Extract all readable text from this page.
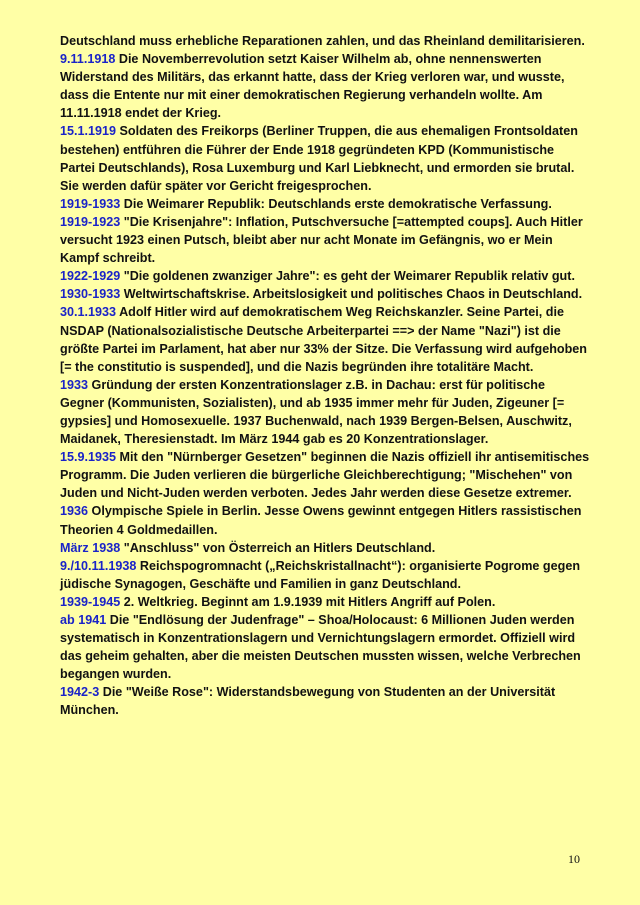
Deutschland muss erhebliche Reparationen zahlen, und das Rheinland demilitarisieren.

9.11.1918 Die Novemberrevolution setzt Kaiser Wilhelm ab, ohne nennenswerten Widerstand des Militärs, das erkannt hatte, dass der Krieg verloren war, und wusste, dass die Entente nur mit einer demokratischen Regierung verhandeln wollte. Am 11.11.1918 endet der Krieg.

15.1.1919 Soldaten des Freikorps (Berliner Truppen, die aus ehemaligen Frontsoldaten bestehen) entführen die Führer der Ende 1918 gegründeten KPD (Kommunistische Partei Deutschlands), Rosa Luxemburg und Karl Liebknecht, und ermorden sie brutal. Sie werden dafür später vor Gericht freigesprochen.

1919-1933 Die Weimarer Republik: Deutschlands erste demokratische Verfassung.

1919-1923 "Die Krisenjahre": Inflation, Putschversuche [=attempted coups]. Auch Hitler versucht 1923 einen Putsch, bleibt aber nur acht Monate im Gefängnis, wo er Mein Kampf schreibt.

1922-1929 "Die goldenen zwanziger Jahre": es geht der Weimarer Republik relativ gut.

1930-1933 Weltwirtschaftskrise. Arbeitslosigkeit und politisches Chaos in Deutschland.

30.1.1933 Adolf Hitler wird auf demokratischem Weg Reichskanzler. Seine Partei, die NSDAP (Nationalsozialistische Deutsche Arbeiterpartei ==> der Name "Nazi") ist die größte Partei im Parlament, hat aber nur 33% der Sitze. Die Verfassung wird aufgehoben [= the constitutio is suspended], und die Nazis begründen ihre totalitäre Macht.

1933 Gründung der ersten Konzentrationslager z.B. in Dachau: erst für politische Gegner (Kommunisten, Sozialisten), und ab 1935 immer mehr für Juden, Zigeuner [= gypsies] und Homosexuelle. 1937 Buchenwald, nach 1939 Bergen-Belsen, Auschwitz, Maidanek, Theresienstadt. Im März 1944 gab es 20 Konzentrationslager.

15.9.1935 Mit den "Nürnberger Gesetzen" beginnen die Nazis offiziell ihr antisemitisches Programm. Die Juden verlieren die bürgerliche Gleichberechtigung; "Mischehen" von Juden und Nicht-Juden werden verboten. Jedes Jahr werden diese Gesetze extremer.

1936 Olympische Spiele in Berlin. Jesse Owens gewinnt entgegen Hitlers rassistischen Theorien 4 Goldmedaillen.

März 1938 "Anschluss" von Österreich an Hitlers Deutschland.

9./10.11.1938 Reichspogromnacht („Reichskristallnacht“): organisierte Pogrome gegen jüdische Synagogen, Geschäfte und Familien in ganz Deutschland.

1939-1945 2. Weltkrieg. Beginnt am 1.9.1939 mit Hitlers Angriff auf Polen.

ab 1941 Die "Endlösung der Judenfrage" – Shoa/Holocaust: 6 Millionen Juden werden systematisch in Konzentrationslagern und Vernichtungslagern ermordet. Offiziell wird das geheim gehalten, aber die meisten Deutschen mussten wissen, welche Verbrechen begangen wurden.

1942-3 Die "Weiße Rose": Widerstandsbewegung von Studenten an der Universität München.

10
